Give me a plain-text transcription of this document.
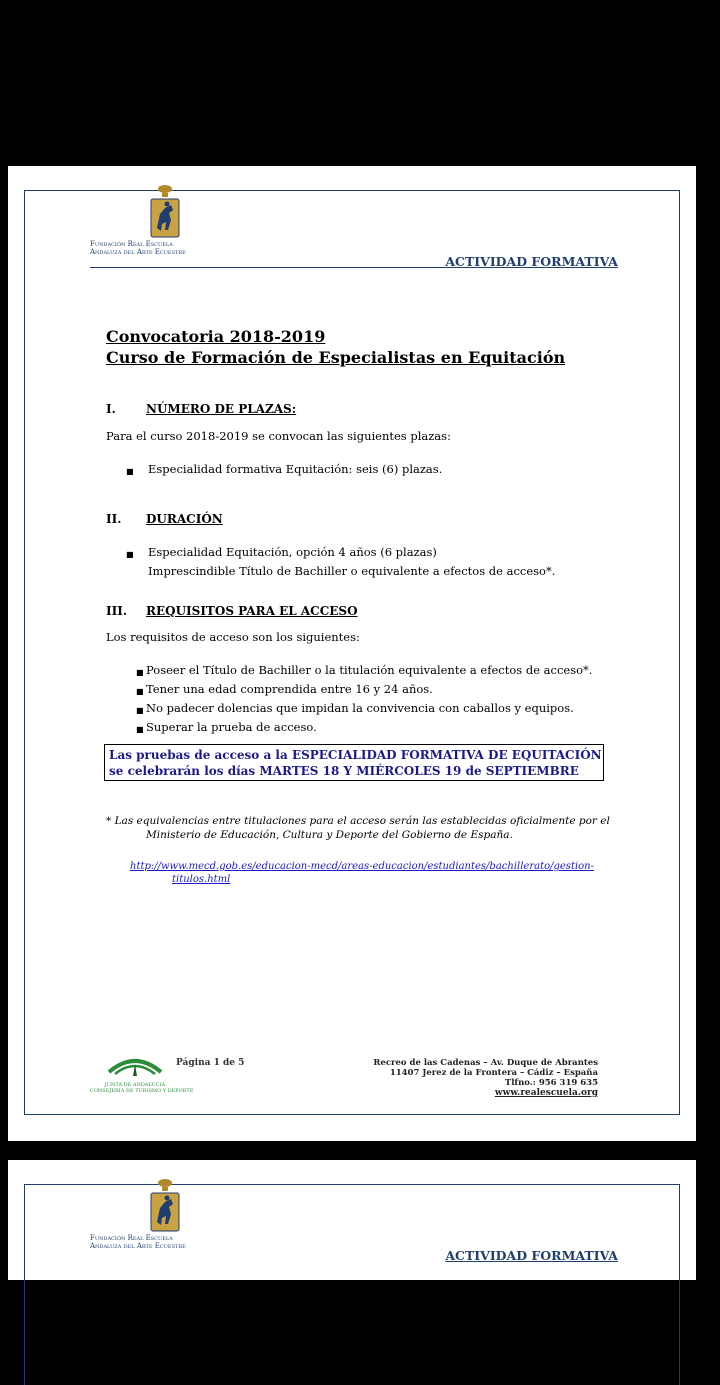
Fundación Real Escuela
Andaluza del Arte Ecuestre
ACTIVIDAD FORMATIVA
Convocatoria 2018-2019
Curso de Formación de Especialistas en Equitación
I.	NÚMERO DE PLAZAS:
Para el curso 2018-2019 se convocan las siguientes plazas:
■	Especialidad formativa Equitación: seis (6) plazas.
II. DURACIÓN
■	Especialidad Equitación, opción 4 años (6 plazas)
Imprescindible Título de Bachiller o equivalente a efectos de acceso*.
III. REQUISITOS PARA EL ACCESO
Los requisitos de acceso son los siguientes:
■ Poseer el Título de Bachiller o la titulación equivalente a efectos de acceso*.
■ Tener una edad comprendida entre 16 y 24 años.
■ No padecer dolencias que impidan la convivencia con caballos y equipos.
■ Superar la prueba de acceso.
Las pruebas de acceso a la ESPECIALIDAD FORMATIVA DE EQUITACIÓN
se celebrarán los días MARTES 18 Y MIÉRCOLES 19 de SEPTIEMBRE
* Las equivalencias entre titulaciones para el acceso serán las establecidas oficialmente por el
Ministerio de Educación, Cultura y Deporte del Gobierno de España.
http://www.mecd.gob.es/educacion-mecd/areas-educacion/estudiantes/bachillerato/gestion-
titulos.html
JUNTA DE ANDALUCIA
CONSEJERÍA DE TURISMO Y DEPORTE
Página 1 de 5	Recreo de las Cadenas – Av. Duque de Abrantes
11407 Jerez de la Frontera – Cádiz – España
Tlfno.: 956 319 635
www.realescuela.org
Fundación Real Escuela
Andaluza del Arte Ecuestre
ACTIVIDAD FORMATIVA
